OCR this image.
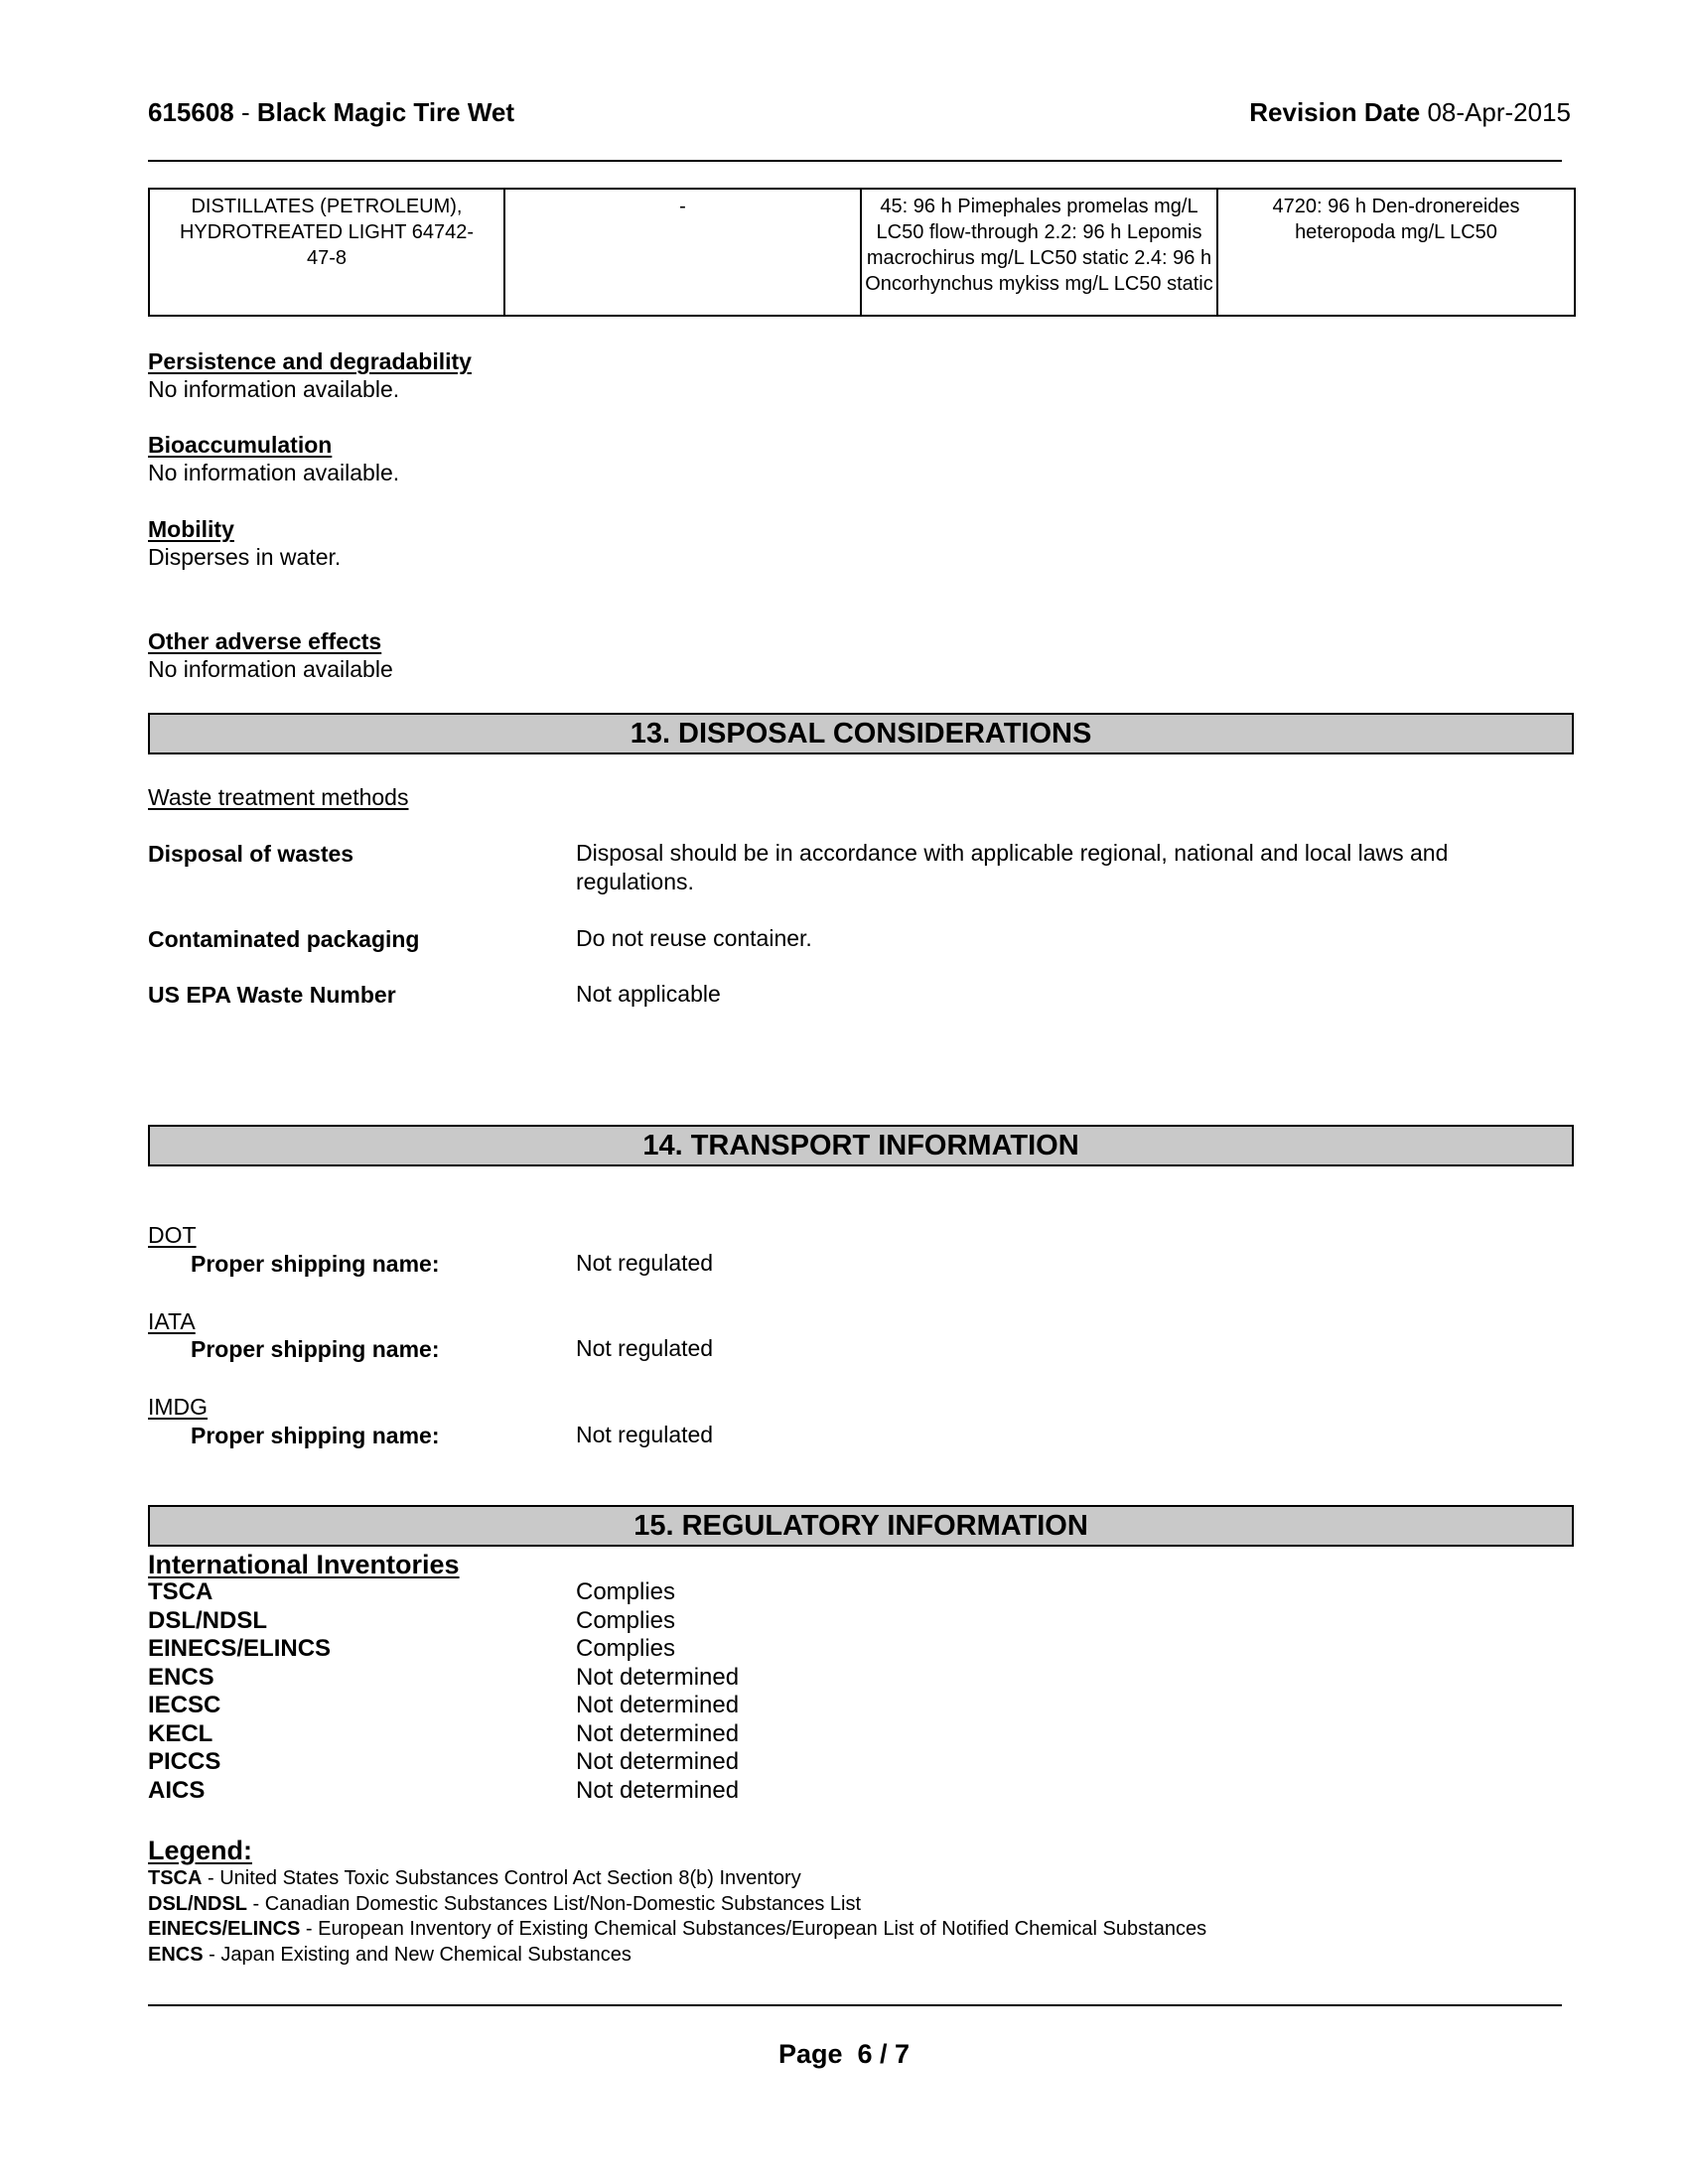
615608 - Black Magic Tire Wet	Revision Date 08-Apr-2015
DISTILLATES (PETROLEUM), HYDROTREATED LIGHT 64742-47-8	-	45: 96 h Pimephales promelas mg/L LC50 flow-through 2.2: 96 h Lepomis macrochirus mg/L LC50 static 2.4: 96 h Oncorhynchus mykiss mg/L LC50 static	4720: 96 h Den-dronereides heteropoda mg/L LC50
Persistence and degradability
No information available.
Bioaccumulation
No information available.
Mobility
Disperses in water.
Other adverse effects
No information available
13. DISPOSAL CONSIDERATIONS
Waste treatment methods
Disposal of wastes	Disposal should be in accordance with applicable regional, national and local laws and regulations.
Contaminated packaging	Do not reuse container.
US EPA Waste Number	Not applicable
14. TRANSPORT INFORMATION
DOT
Proper shipping name:	Not regulated
IATA
Proper shipping name:	Not regulated
IMDG
Proper shipping name:	Not regulated
15. REGULATORY INFORMATION
International Inventories
TSCA	Complies
DSL/NDSL	Complies
EINECS/ELINCS	Complies
ENCS	Not determined
IECSC	Not determined
KECL	Not determined
PICCS	Not determined
AICS	Not determined
Legend:
TSCA - United States Toxic Substances Control Act Section 8(b) Inventory
DSL/NDSL - Canadian Domestic Substances List/Non-Domestic Substances List
EINECS/ELINCS - European Inventory of Existing Chemical Substances/European List of Notified Chemical Substances
ENCS - Japan Existing and New Chemical Substances
Page 6 / 7
